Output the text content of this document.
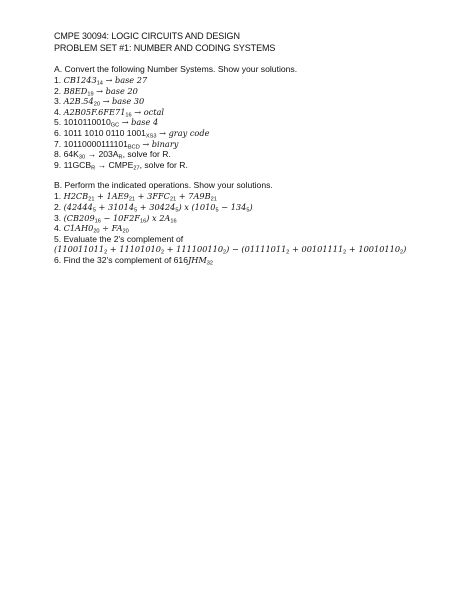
CMPE 30094: LOGIC CIRCUITS AND DESIGN
PROBLEM SET #1: NUMBER AND CODING SYSTEMS
A. Convert the following Number Systems. Show your solutions.
1. $CB1243_{14}$ → base 27
2. $B8ED_{19}$ → base 20
3. $A2B.54_{20}$ → base 30
4. $A2B05F.6FE71_{16}$ → octal
5. $1010110010_{GC}$ → base 4
6. 1011 1010 0110 $1001_{XS3}$ → gray code
7. $10110000111101_{BCD}$ → binary
8. $64K_{30} \to 203A_R$, solve for R.
9. $11GCB_R$ → $CMPE_{27}$, solve for R.
B. Perform the indicated operations. Show your solutions.
1. $H2CB_{21} + 1AE9_{21} + 3FFC_{21} + 7A9B_{21}$
2. $(42444_5 + 31014_5 + 30424_5)$ x $(1010_5 - 134_5)$
3. $(CB209_{16} - 10F2F_{16})$ x $2A_{16}$
4. $C1AH0_{20} \div FA_{20}$
5. Evaluate the 2's complement of
$(110011011_2 + 11101010_2 + 111100110_2) - (01111011_2 + 00101111_2 + 10010110_2)$
6. Find the 32's complement of $616JHM_{32}$
